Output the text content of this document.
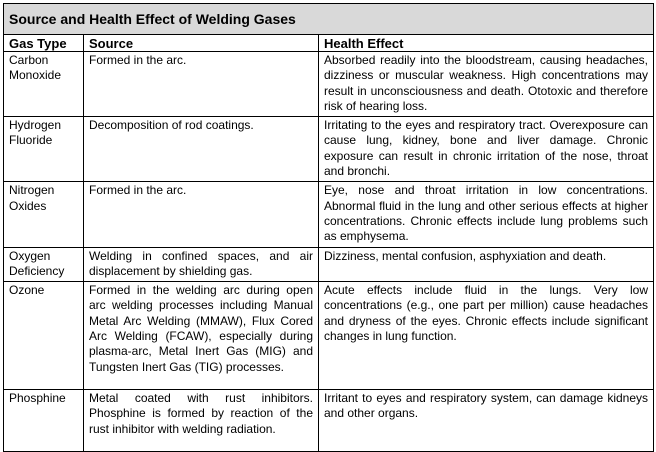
Source and Health Effect of Welding Gases		
Gas Type	Source	Health Effect
Carbon Monoxide	Formed in the arc.	Absorbed readily into the bloodstream, causing headaches, dizziness or muscular weakness. High concentrations may result in unconsciousness and death. Ototoxic and therefore risk of hearing loss.
Hydrogen Fluoride	Decomposition of rod coatings.	Irritating to the eyes and respiratory tract. Overexposure can cause lung, kidney, bone and liver damage. Chronic exposure can result in chronic irritation of the nose, throat and bronchi.
Nitrogen Oxides	Formed in the arc.	Eye, nose and throat irritation in low concentrations. Abnormal fluid in the lung and other serious effects at higher concentrations. Chronic effects include lung problems such as emphysema.
Oxygen Deficiency	Welding in confined spaces, and air displacement by shielding gas.	Dizziness, mental confusion, asphyxiation and death.
Ozone	Formed in the welding arc during open arc welding processes including Manual Metal Arc Welding (MMAW), Flux Cored Arc Welding (FCAW), especially during plasma-arc, Metal Inert Gas (MIG) and Tungsten Inert Gas (TIG) processes.	Acute effects include fluid in the lungs. Very low concentrations (e.g., one part per million) cause headaches and dryness of the eyes. Chronic effects include significant changes in lung function.
Phosphine	Metal coated with rust inhibitors. Phosphine is formed by reaction of the rust inhibitor with welding radiation.	Irritant to eyes and respiratory system, can damage kidneys and other organs.
